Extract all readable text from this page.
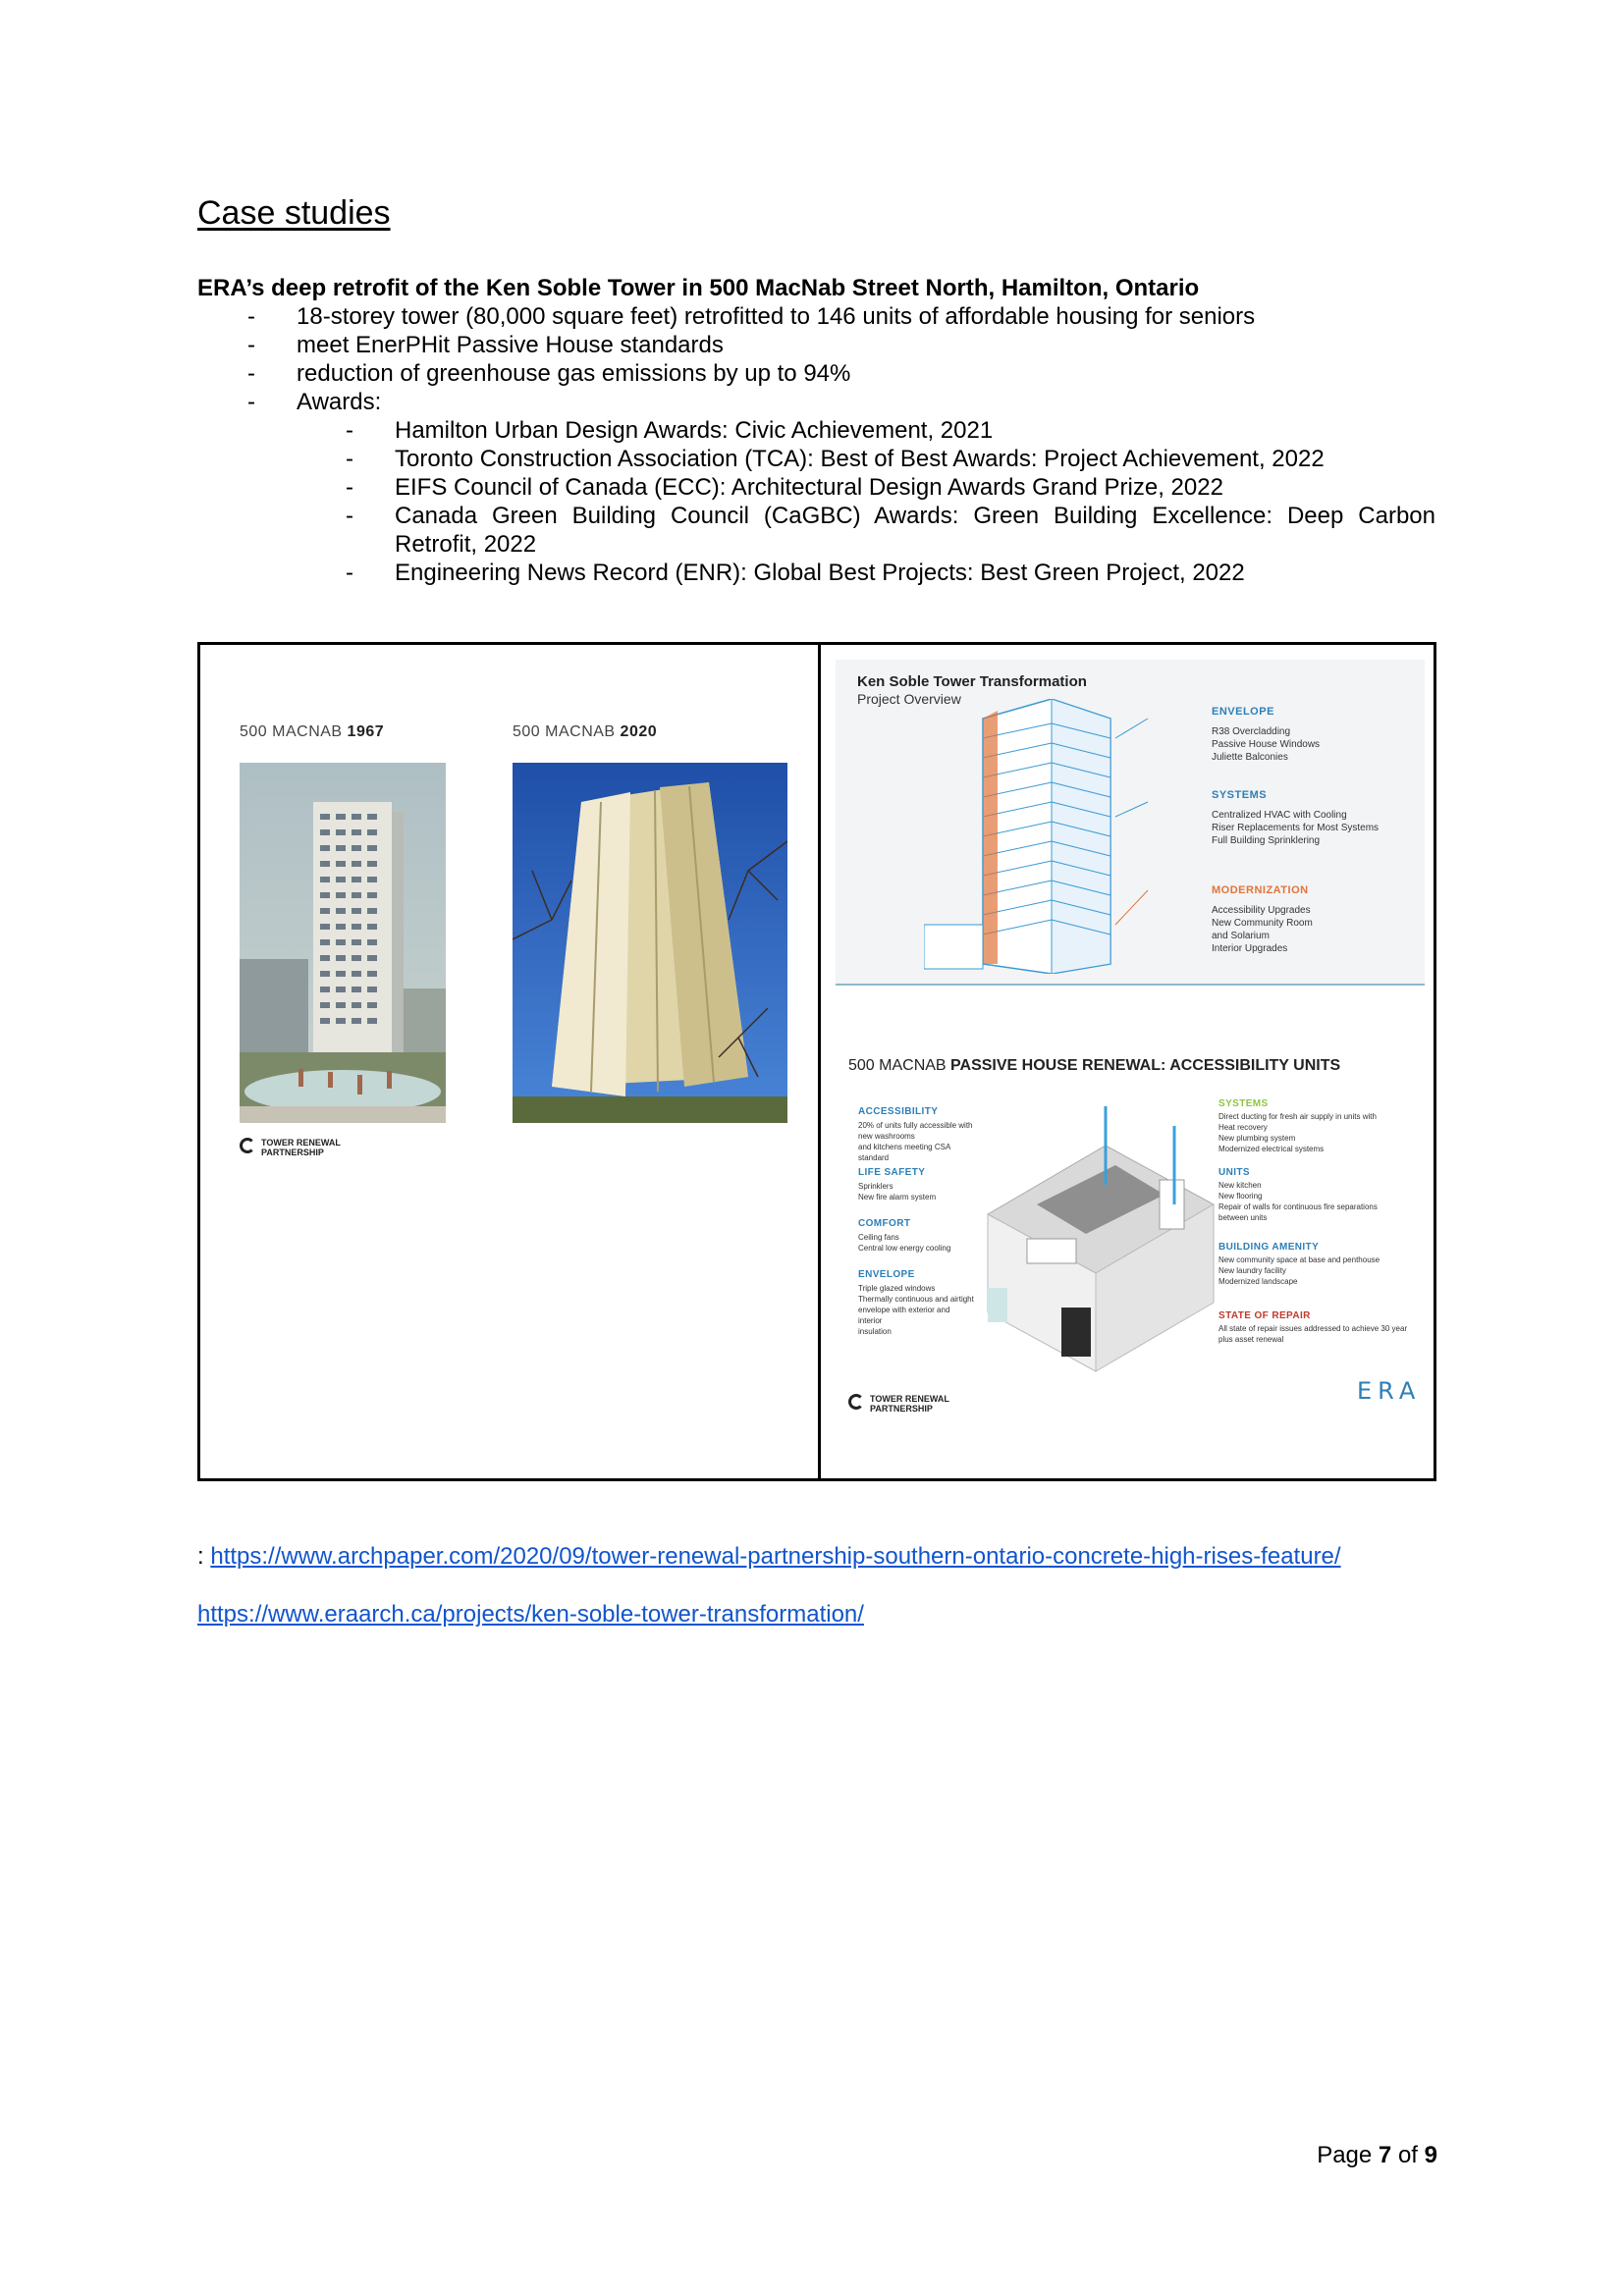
Case studies
ERA’s deep retrofit of the Ken Soble Tower in 500 MacNab Street North, Hamilton, Ontario
- 18-storey tower (80,000 square feet) retrofitted to 146 units of affordable housing for seniors
- meet EnerPHit Passive House standards
- reduction of greenhouse gas emissions by up to 94%
- Awards:
- Hamilton Urban Design Awards: Civic Achievement, 2021
- Toronto Construction Association (TCA): Best of Best Awards: Project Achievement, 2022
- EIFS Council of Canada (ECC): Architectural Design Awards Grand Prize, 2022
- Canada Green Building Council (CaGBC) Awards: Green Building Excellence: Deep Carbon Retrofit, 2022
- Engineering News Record (ENR): Global Best Projects: Best Green Project, 2022
500 MACNAB 1967	500 MACNAB 2020
TOWER RENEWAL
PARTNERSHIP
Ken Soble Tower Transformation
Project Overview
ENVELOPE
R38 Overcladding
Passive House Windows
Juliette Balconies
SYSTEMS
Centralized HVAC with Cooling
Riser Replacements for Most Systems
Full Building Sprinklering
MODERNIZATION
Accessibility Upgrades
New Community Room
and Solarium
Interior Upgrades
500 MACNAB PASSIVE HOUSE RENEWAL: ACCESSIBILITY UNITS
ACCESSIBILITY
20% of units fully accessible with new washrooms
and kitchens meeting CSA standard
LIFE SAFETY
Sprinklers
New fire alarm system
COMFORT
Ceiling fans
Central low energy cooling
ENVELOPE
Triple glazed windows
Thermally continuous and airtight
envelope with exterior and interior
insulation
SYSTEMS
Direct ducting for fresh air supply in units with
Heat recovery
New plumbing system
Modernized electrical systems
UNITS
New kitchen
New flooring
Repair of walls for continuous fire separations
between units
BUILDING AMENITY
New community space at base and penthouse
New laundry facility
Modernized landscape
STATE OF REPAIR
All state of repair issues addressed to achieve 30 year
plus asset renewal
TOWER RENEWAL
PARTNERSHIP
ERA
: https://www.archpaper.com/2020/09/tower-renewal-partnership-southern-ontario-concrete-high-rises-feature/
https://www.eraarch.ca/projects/ken-soble-tower-transformation/
Page 7 of 9
